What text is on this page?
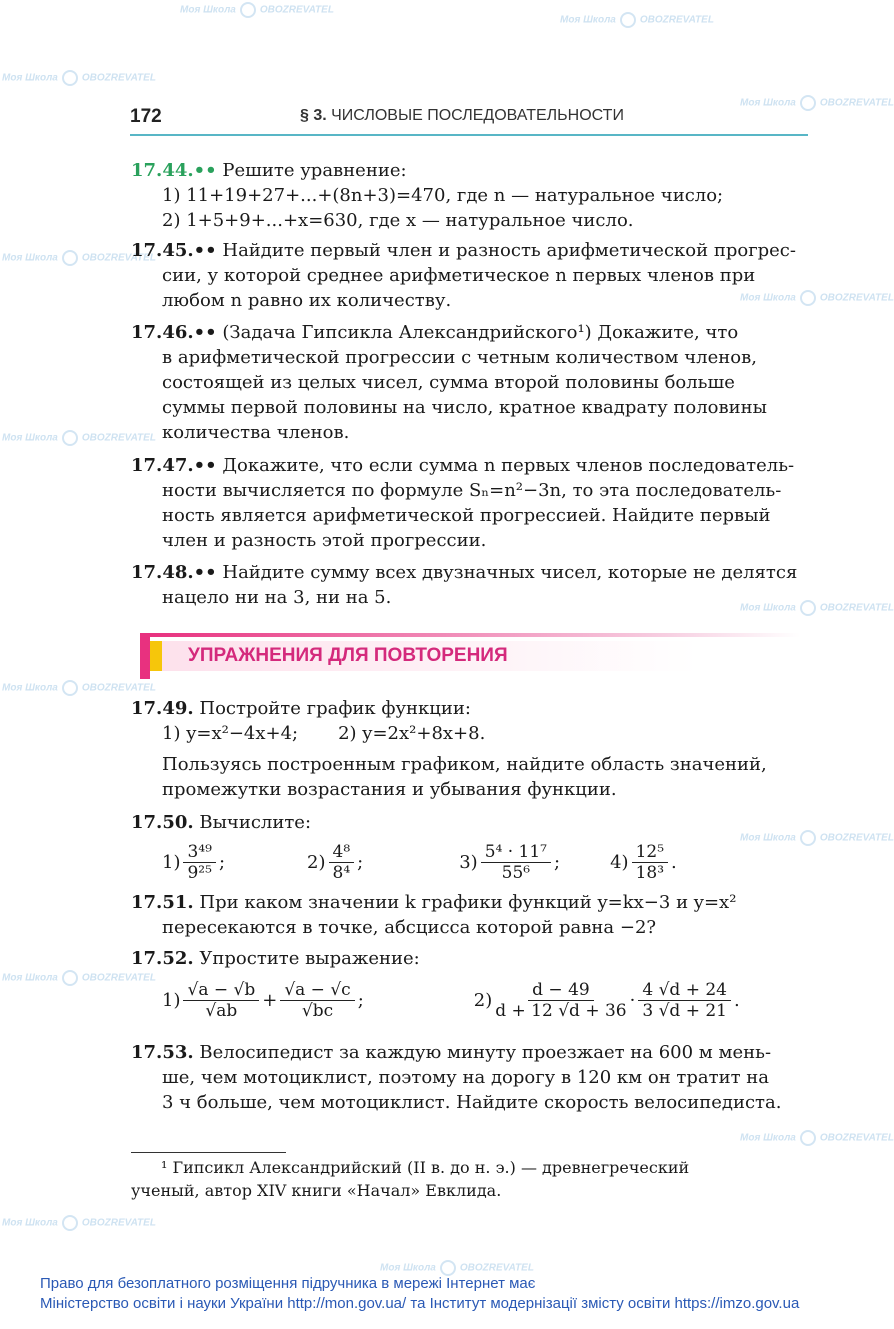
Моя Школа OBOZREVATEL
Моя Школа OBOZREVATEL
Моя Школа OBOZREVATEL
Моя Школа OBOZREVATEL
Моя Школа OBOZREVATEL
Моя Школа OBOZREVATEL
Моя Школа OBOZREVATEL
Моя Школа OBOZREVATEL
Моя Школа OBOZREVATEL
Моя Школа OBOZREVATEL
Моя Школа OBOZREVATEL
Моя Школа OBOZREVATEL
Моя Школа OBOZREVATEL
Моя Школа OBOZREVATEL
172	§ 3. ЧИСЛОВЫЕ ПОСЛЕДОВАТЕЛЬНОСТИ
17.44.•• Решите уравнение:
1) 11+19+27+...+(8n+3)=470, где n — натуральное число;
2) 1+5+9+...+x=630, где x — натуральное число.
17.45.•• Найдите первый член и разность арифметической прогрес-
сии, у которой среднее арифметическое n первых членов при
любом n равно их количеству.
17.46.•• (Задача Гипсикла Александрийского¹) Докажите, что
в арифметической прогрессии с четным количеством членов,
состоящей из целых чисел, сумма второй половины больше
суммы первой половины на число, кратное квадрату половины
количества членов.
17.47.•• Докажите, что если сумма n первых членов последователь-
ности вычисляется по формуле Sₙ=n²−3n, то эта последователь-
ность является арифметической прогрессией. Найдите первый
член и разность этой прогрессии.
17.48.•• Найдите сумму всех двузначных чисел, которые не делятся
нацело ни на 3, ни на 5.
УПРАЖНЕНИЯ ДЛЯ ПОВТОРЕНИЯ
17.49. Постройте график функции:
1) y=x²−4x+4; 2) y=2x²+8x+8.
Пользуясь построенным графиком, найдите область значений,
промежутки возрастания и убывания функции.
17.50. Вычислите:
$1) \frac{\text{3⁴⁹}}{\text{9²⁵}}$ ;	$2) \frac{\text{4⁸}}{\text{8⁴}}$ ;	$3) \frac{\text{5⁴ · 11⁷}}{\text{55⁶}}$ ;	$4) \frac{\text{12⁵}}{\text{18³}}$ .
17.51. При каком значении k графики функций y=kx−3 и y=x²
пересекаются в точке, абсцисса которой равна −2?
17.52. Упростите выражение:
$1) \frac{√a - √b}{√ab} + \frac{√a - √c}{√bc}$ ;	$2) \frac{d - 49}{d + 12 √d + 36} \cdot \frac{4 √d + 24}{3 √d + 21}$ .
17.53. Велосипедист за каждую минуту проезжает на 600 м мень-
ше, чем мотоциклист, поэтому на дорогу в 120 км он тратит на
3 ч больше, чем мотоциклист. Найдите скорость велосипедиста.
¹ Гипсикл Александрийский (II в. до н. э.) — древнегреческий
ученый, автор XIV книги «Начал» Евклида.
Право для безоплатного розміщення підручника в мережі Інтернет має
Міністерство освіти і науки України http://mon.gov.ua/ та Інститут модернізації змісту освіти https://imzo.gov.ua
